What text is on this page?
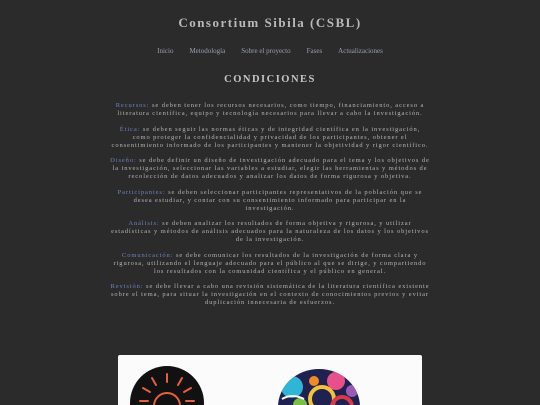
Consortium Sibila (CSBL)
Inicio Metodología Sobre el proyecto Fases Actualizaciones
CONDICIONES

Recursos: se deben tener los recursos necesarios, como tiempo, financiamiento, acceso a literatura científica, equipo y tecnología necesarios para llevar a cabo la investigación.

Ética: se deben seguir las normas éticas y de integridad científica en la investigación, como proteger la confidencialidad y privacidad de los participantes, obtener el consentimiento informado de los participantes y mantener la objetividad y rigor científico.

Diseño: se debe definir un diseño de investigación adecuado para el tema y los objetivos de la investigación, seleccionar las variables a estudiar, elegir las herramientas y métodos de recolección de datos adecuados y analizar los datos de forma rigurosa y objetiva.

Participantes: se deben seleccionar participantes representativos de la población que se desea estudiar, y contar con su consentimiento informado para participar en la investigación.

Análisis: se deben analizar los resultados de forma objetiva y rigurosa, y utilizar estadísticas y métodos de análisis adecuados para la naturaleza de los datos y los objetivos de la investigación.

Comunicación: se debe comunicar los resultados de la investigación de forma clara y rigurosa, utilizando el lenguaje adecuado para el público al que se dirige, y compartiendo los resultados con la comunidad científica y el público en general.

Revisión: se debe llevar a cabo una revisión sistemática de la literatura científica existente sobre el tema, para situar la investigación en el contexto de conocimientos previos y evitar duplicación innecesaria de esfuerzos.
